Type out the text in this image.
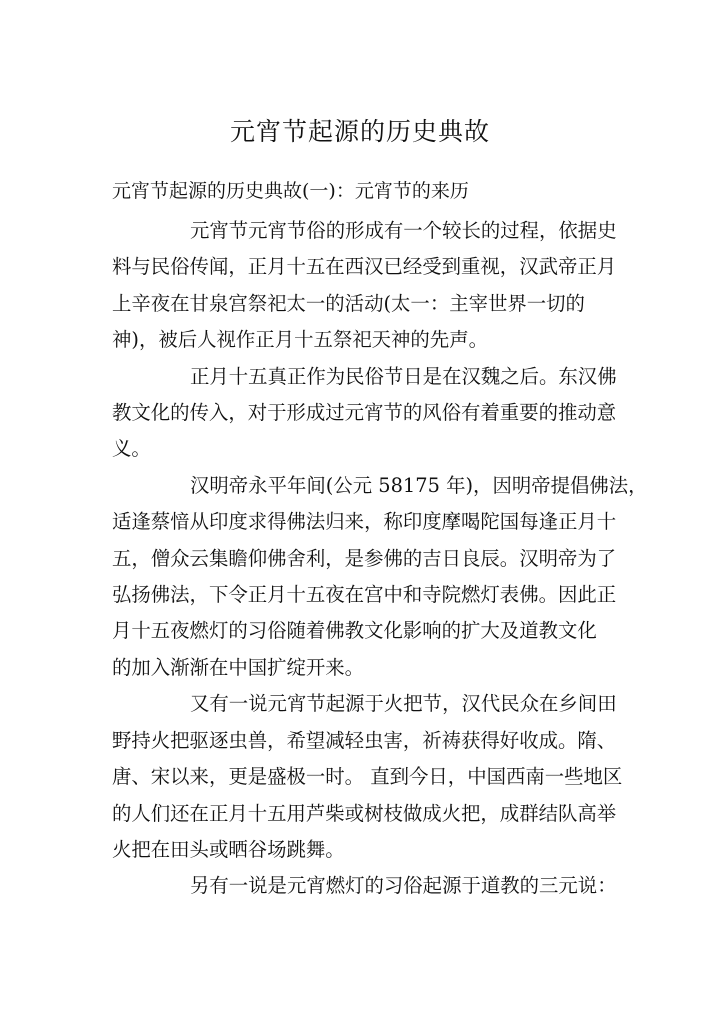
元宵节起源的历史典故

元宵节起源的历史典故(一)：元宵节的来历

元宵节元宵节俗的形成有一个较长的过程，依据史
料与民俗传闻，正月十五在西汉已经受到重视，汉武帝正月
上辛夜在甘泉宫祭祀太一的活动(太一：主宰世界一切的
神)，被后人视作正月十五祭祀天神的先声。

正月十五真正作为民俗节日是在汉魏之后。东汉佛
教文化的传入，对于形成过元宵节的风俗有着重要的推动意
义。

汉明帝永平年间(公元 58175 年)，因明帝提倡佛法，
适逢蔡愔从印度求得佛法归来，称印度摩喝陀国每逢正月十
五，僧众云集瞻仰佛舍利，是参佛的吉日良辰。汉明帝为了
弘扬佛法，下令正月十五夜在宫中和寺院燃灯表佛。因此正
月十五夜燃灯的习俗随着佛教文化影响的扩大及道教文化
的加入渐渐在中国扩绽开来。

又有一说元宵节起源于火把节，汉代民众在乡间田
野持火把驱逐虫兽，希望减轻虫害，祈祷获得好收成。隋、
唐、宋以来，更是盛极一时。 直到今日，中国西南一些地区
的人们还在正月十五用芦柴或树枝做成火把，成群结队高举
火把在田头或晒谷场跳舞。

另有一说是元宵燃灯的习俗起源于道教的三元说：
